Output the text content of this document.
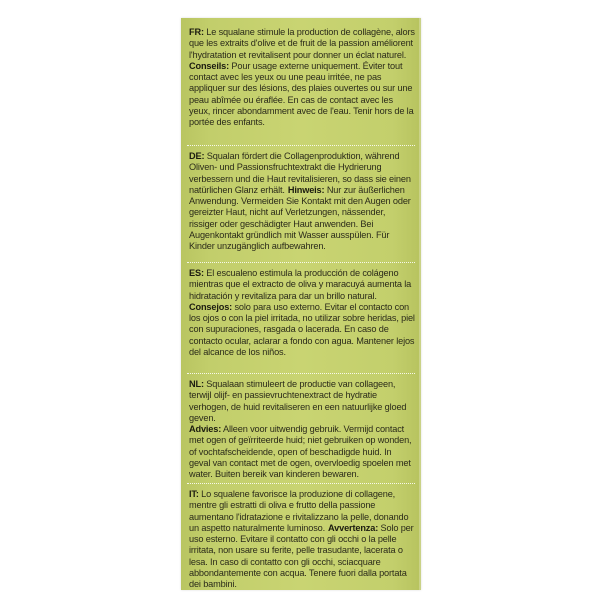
FR: Le squalane stimule la production de collagène, alors que les extraits d'olive et de fruit de la passion améliorent l'hydratation et revitalisent pour donner un éclat naturel.
Conseils: Pour usage externe uniquement. Éviter tout contact avec les yeux ou une peau irritée, ne pas appliquer sur des lésions, des plaies ouvertes ou sur une peau abîmée ou éraflée. En cas de contact avec les yeux, rincer abondamment avec de l'eau. Tenir hors de la portée des enfants.

DE: Squalan fördert die Collagenproduktion, während Oliven- und Passionsfruchtextrakt die Hydrierung verbessern und die Haut revitalisieren, so dass sie einen natürlichen Glanz erhält. Hinweis: Nur zur äußerlichen Anwendung. Vermeiden Sie Kontakt mit den Augen oder gereizter Haut, nicht auf Verletzungen, nässender, rissiger oder geschädigter Haut anwenden. Bei Augenkontakt gründlich mit Wasser ausspülen. Für Kinder unzugänglich aufbewahren.

ES: El escualeno estimula la producción de colágeno mientras que el extracto de oliva y maracuyá aumenta la hidratación y revitaliza para dar un brillo natural.
Consejos: solo para uso externo. Evitar el contacto con los ojos o con la piel irritada, no utilizar sobre heridas, piel con supuraciones, rasgada o lacerada. En caso de contacto ocular, aclarar a fondo con agua. Mantener lejos del alcance de los niños.

NL: Squalaan stimuleert de productie van collageen, terwijl olijf- en passievruchtenextract de hydratie verhogen, de huid revitaliseren en een natuurlijke gloed geven.
Advies: Alleen voor uitwendig gebruik. Vermijd contact met ogen of geïrriteerde huid; niet gebruiken op wonden, of vochtafscheidende, open of beschadigde huid. In geval van contact met de ogen, overvloedig spoelen met water. Buiten bereik van kinderen bewaren.

IT: Lo squalene favorisce la produzione di collagene, mentre gli estratti di oliva e frutto della passione aumentano l'idratazione e rivitalizzano la pelle, donando un aspetto naturalmente luminoso. Avvertenza: Solo per uso esterno. Evitare il contatto con gli occhi o la pelle irritata, non usare su ferite, pelle trasudante, lacerata o lesa. In caso di contatto con gli occhi, sciacquare abbondantemente con acqua. Tenere fuori dalla portata dei bambini.
